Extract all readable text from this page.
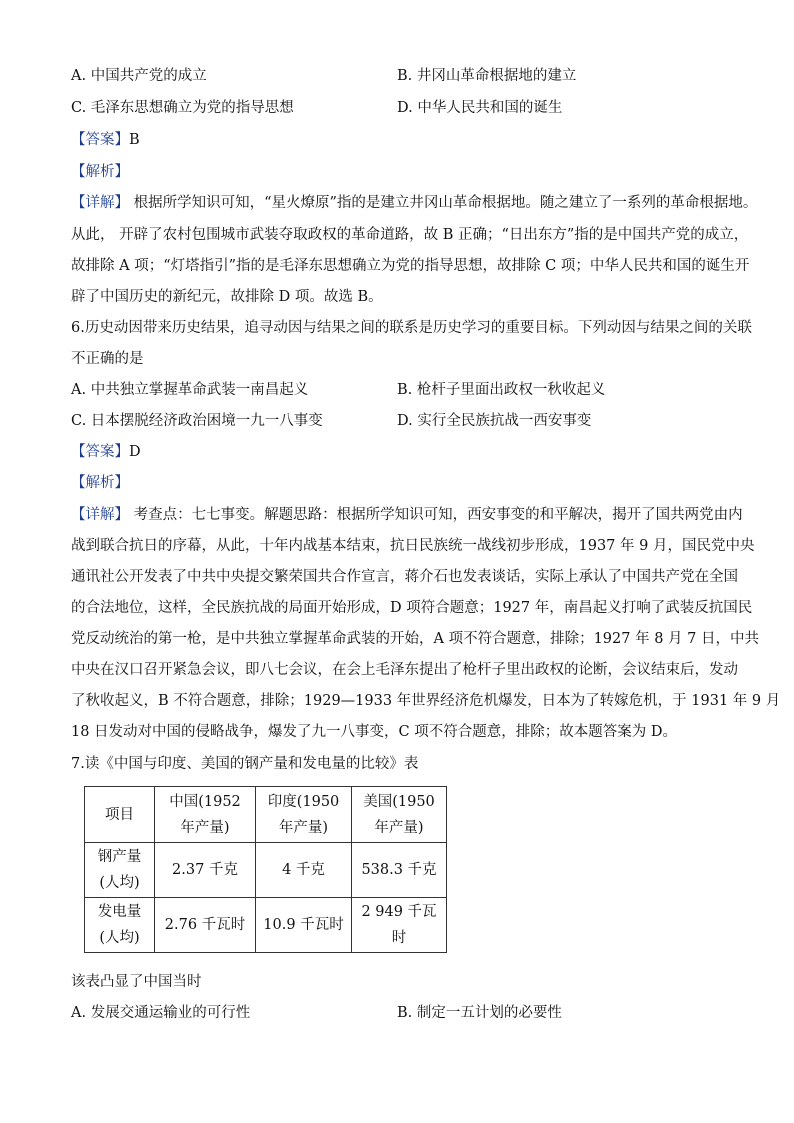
A. 中国共产党的成立	B. 井冈山革命根据地的建立
C. 毛泽东思想确立为党的指导思想	D. 中华人民共和国的诞生
【答案】B
【解析】
【详解】 根据所学知识可知，“星火燎原”指的是建立井冈山革命根据地。随之建立了一系列的革命根据地。
从此， 开辟了农村包围城市武装夺取政权的革命道路，故 B 正确；“日出东方”指的是中国共产党的成立，
故排除 A 项；“灯塔指引”指的是毛泽东思想确立为党的指导思想，故排除 C 项；中华人民共和国的诞生开
辟了中国历史的新纪元，故排除 D 项。故选 B。
6.历史动因带来历史结果，追寻动因与结果之间的联系是历史学习的重要目标。下列动因与结果之间的关联
不正确的是
A. 中共独立掌握革命武装一南昌起义	B. 枪杆子里面出政权一秋收起义
C. 日本摆脱经济政治困境一九一八事变	D. 实行全民族抗战一西安事变
【答案】D
【解析】
【详解】 考查点：七七事变。解题思路：根据所学知识可知，西安事变的和平解决，揭开了国共两党由内
战到联合抗日的序幕，从此，十年内战基本结束，抗日民族统一战线初步形成，1937 年 9 月，国民党中央
通讯社公开发表了中共中央提交繁荣国共合作宣言，蒋介石也发表谈话，实际上承认了中国共产党在全国
的合法地位，这样，全民族抗战的局面开始形成，D 项符合题意；1927 年，南昌起义打响了武装反抗国民
党反动统治的第一枪，是中共独立掌握革命武装的开始，A 项不符合题意，排除；1927 年 8 月 7 日，中共
中央在汉口召开紧急会议，即八七会议，在会上毛泽东提出了枪杆子里出政权的论断，会议结束后，发动
了秋收起义，B 不符合题意，排除；1929—1933 年世界经济危机爆发，日本为了转嫁危机，于 1931 年 9 月
18 日发动对中国的侵略战争，爆发了九一八事变，C 项不符合题意，排除；故本题答案为 D。
7.读《中国与印度、美国的钢产量和发电量的比较》表
项目	中国(1952
年产量)	印度(1950
年产量)	美国(1950
年产量)
钢产量
(人均)	2.37 千克	4 千克	538.3 千克
发电量
(人均)	2.76 千瓦时	10.9 千瓦时	2 949 千瓦时
该表凸显了中国当时
A. 发展交通运输业的可行性	B. 制定一五计划的必要性
